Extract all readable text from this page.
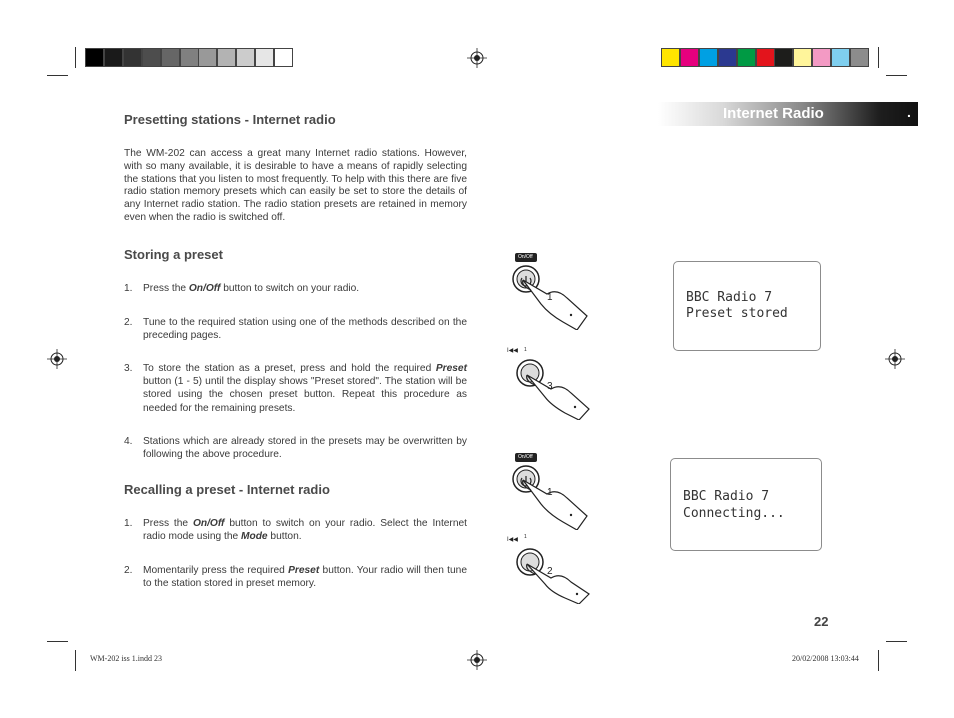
Internet Radio	.
Presetting stations - Internet radio
The WM-202 can access a great many Internet radio stations. However, with so many available, it is desirable to have a means of rapidly selecting the stations that you listen to most frequently. To help with this there are five radio station memory presets which can easily be set to store the details of any Internet radio station. The radio station presets are retained in memory even when the radio is switched off.
Storing a preset
1. Press the On/Off button to switch on your radio.
2. Tune to the required station using one of the methods described on the preceding pages.
3. To store the station as a preset, press and hold the required Preset button (1 - 5) until the display shows "Preset stored". The station will be stored using the chosen preset button. Repeat this procedure as needed for the remaining presets.
4. Stations which are already stored in the presets may be overwritten by following the above procedure.
Recalling a preset - Internet radio
1. Press the On/Off button to switch on your radio. Select the Internet radio mode using the Mode button.
2. Momentarily press the required Preset button. Your radio will then tune to the station stored in preset memory.
On/Off
1
I◀◀ 1
3
On/Off
1
I◀◀ 1
2
BBC Radio 7
Preset stored
BBC Radio 7
Connecting...
22
WM-202 iss 1.indd 23	20/02/2008 13:03:44
